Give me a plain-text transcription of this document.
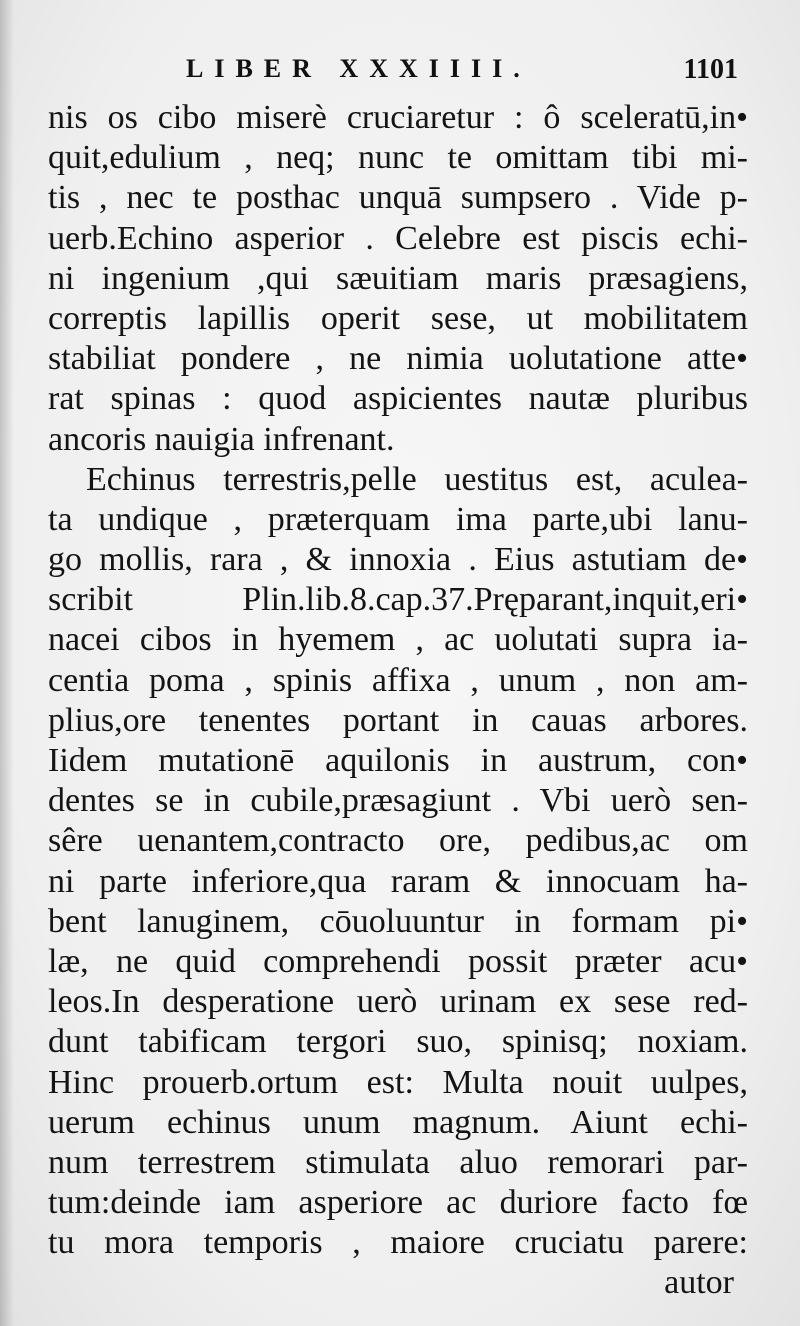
LIBER XXXIIII.	1101
nis os cibo miserè cruciaretur : ô sceleratū,in•
quit,edulium , neq; nunc te omittam tibi mi-
tis , nec te posthac unquā sumpsero . Vide p-
uerb.Echino asperior . Celebre est piscis echi-
ni ingenium ,qui sæuitiam maris præsagiens,
correptis lapillis operit sese, ut mobilitatem
stabiliat pondere , ne nimia uolutatione atte•
rat spinas : quod aspicientes nautæ pluribus
ancoris nauigia infrenant.
Echinus terrestris,pelle uestitus est, aculea-
ta undique , præterquam ima parte,ubi lanu-
go mollis, rara , & innoxia . Eius astutiam de•
scribit Plin.lib.8.cap.37.Pręparant,inquit,eri•
nacei cibos in hyemem , ac uolutati supra ia-
centia poma , spinis affixa , unum , non am-
plius,ore tenentes portant in cauas arbores.
Iidem mutationē aquilonis in austrum, con•
dentes se in cubile,præsagiunt . Vbi uerò sen-
sêre uenantem,contracto ore, pedibus,ac om
ni parte inferiore,qua raram & innocuam ha-
bent lanuginem, cōuoluuntur in formam pi•
læ, ne quid comprehendi possit præter acu•
leos.In desperatione uerò urinam ex sese red-
dunt tabificam tergori suo, spinisq; noxiam.
Hinc prouerb.ortum est: Multa nouit uulpes,
uerum echinus unum magnum. Aiunt echi-
num terrestrem stimulata aluo remorari par-
tum:deinde iam asperiore ac duriore facto fœ
tu mora temporis , maiore cruciatu parere:
autor
